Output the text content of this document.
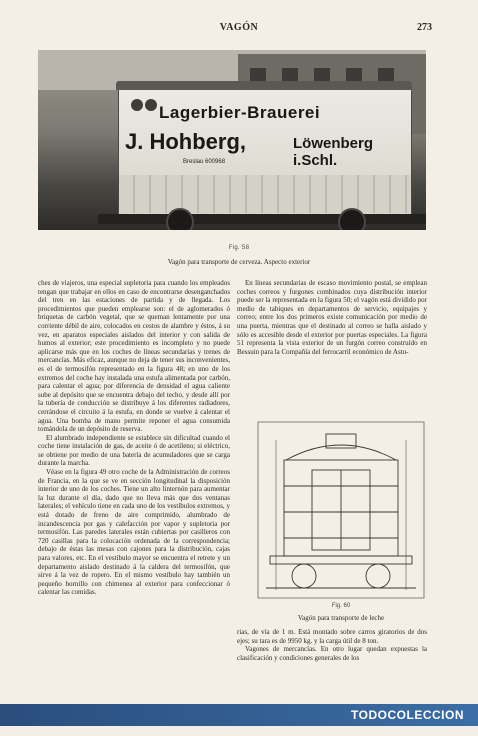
VAGÓN	273
Lagerbier-Brauerei
J. Hohberg,	Löwenberg i.Schl.
Breslau 600968
Fig. 58
Vagón para transporte de cerveza. Aspecto exterior

ches de viajeros, una especial supletoria para cuando los empleados tengan que trabajar en ellos en caso de encontrarse desenganchados del tren en las estaciones de partida y de llegada. Los procedimientos que pueden emplearse son: el de aglomerados ó briquetas de carbón vegetal, que se queman lentamente por una corriente débil de aire, colocados en cestos de alambre y éstos, á su vez, en aparatos especiales aislados del interior y con salida de humos al exterior; este procedimiento es incompleto y no puede aplicarse más que en los coches de líneas secundarias y trenes de mercancías. Más eficaz, aunque no deja de tener sus inconvenientes, es el de termosifón representado en la figura 48; en uno de los extremos del coche hay instalada una estufa alimentada por carbón, para calentar el agua; por diferencia de densidad el agua caliente sube al depósito que se encuentra debajo del techo, y desde allí por la tubería de conducción se distribuye á los diferentes radiadores, cerrándose el circuito á la estufa, en donde se vuelve á calentar el agua. Una bomba de mano permite reponer el agua consumida tomándola de un depósito de reserva.

El alumbrado independiente se establece sin dificultad cuando el coche tiene instalación de gas, de aceite ó de acetileno; si eléctrico, se obtiene por medio de una batería de acumuladores que se carga durante la marcha.

Véase en la figura 49 otro coche de la Administración de correos de Francia, en la que se ve en sección longitudinal la disposición interior de uno de los coches. Tiene un alto linternón para aumentar la luz durante el día, dado que no lleva más que dos ventanas laterales; el vehículo tiene en cada uno de los vestíbulos extremos, y está dotado de freno de aire comprimido, alumbrado de incandescencia por gas y calefacción por vapor y supletoria por termosifón. Las paredes laterales están cubiertas por casilleros con 720 casillas para la colocación ordenada de la correspondencia; debajo de éstas las mesas con cajones para la distribución, cajas para valores, etc. En el vestíbulo mayor se encuentra el retrete y un departamento aislado destinado á la caldera del termosifón, que sirve á la vez de ropero. En el mismo vestíbulo hay también un pequeño hornillo con chimenea al exterior para confeccionar ó calentar las comidas.

En líneas secundarias de escaso movimiento postal, se emplean coches correos y furgones combinados cuya distribución interior puede ser la representada en la figura 50; el vagón está dividido por medio de tabiques en departamentos de servicio, equipajes y correo; entre los dos primeros existe comunicación por medio de una puerta, mientras que el destinado al correo se halla aislado y sólo es accesible desde el exterior por puertas especiales. La figura 51 representa la vista exterior de un furgón correo construído en Bessuin para la Compañía del ferrocarril económico de Astu-

Fig. 60
Vagón para transporte de leche

rias, de vía de 1 m. Está montado sobre carros giratorios de dos ejes; su tara es de 9950 kg. y la carga útil de 8 ton.

Vagones de mercancías. En otro lugar quedan expuestas la clasificación y condiciones generales de los

TODOCOLECCION
